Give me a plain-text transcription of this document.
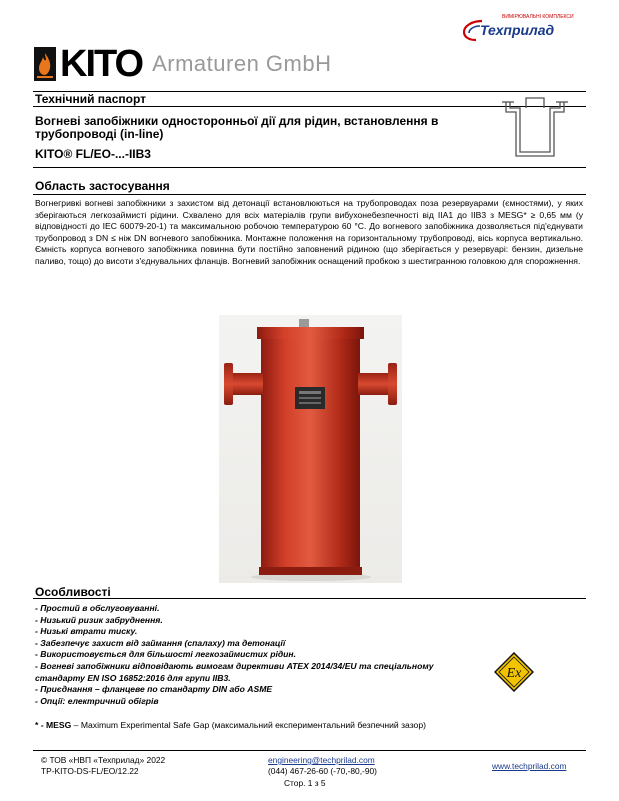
KITO Armaturen GmbH
ВИМІРЮВАЛЬНІ КОМПЛЕКСИ
Техприлад
Технічний паспорт
Вогневі запобіжники односторонньої дії для рідин, встановлення в трубопроводі (in-line)
KITO® FL/EO-...-IIB3
Область застосування
Вогнегривкі вогневі запобіжники з захистом від детонації встановлюються на трубопроводах поза резервуарами (ємностями), у яких зберігаються легкозаймисті рідини. Схвалено для всіх матеріалів групи вибухонебезпечності від IIA1 до IIB3 з MESG* ≥ 0,65 мм (у відповідності до IEC 60079-20-1) та максимальною робочою температурою 60 °C. До вогневого запобіжника дозволяється під'єднувати трубопровод з DN ≤ ніж DN вогневого запобіжника. Монтажне положення на горизонтальному трубопроводі, вісь корпуса вертикально. Ємність корпуса вогневого запобіжника повинна бути постійно заповнений рідиною (що зберігається у резервуарі: бензин, дизельне паливо, тощо) до висоти з'єднувальних фланців. Вогневий запобіжник оснащений пробкою з шестигранною головкою для спорожнення.
Особливості
- Простий в обслуговуванні.
- Низький ризик забруднення.
- Низькі втрати тиску.
- Забезпечує захист від займання (спалаху) та детонації
- Використовується для більшості легкозаймистих рідин.
- Вогневі запобіжники відповідають вимогам директиви ATEX 2014/34/EU та спеціальному стандарту EN ISO 16852:2016 для групи IIB3.
- Приєднання – фланцеве по стандарту DIN або ASME
- Опції: електричний обігрів
Ex
* - MESG – Maximum Experimental Safe Gap (максимальний експериментальний безпечний зазор)
© ТОВ «НВП «Техприлад» 2022
TP-KITO-DS-FL/EO/12.22
engineering@techprilad.com
(044) 467-26-60 (-70,-80,-90)
Стор. 1 з 5
www.techprilad.com
